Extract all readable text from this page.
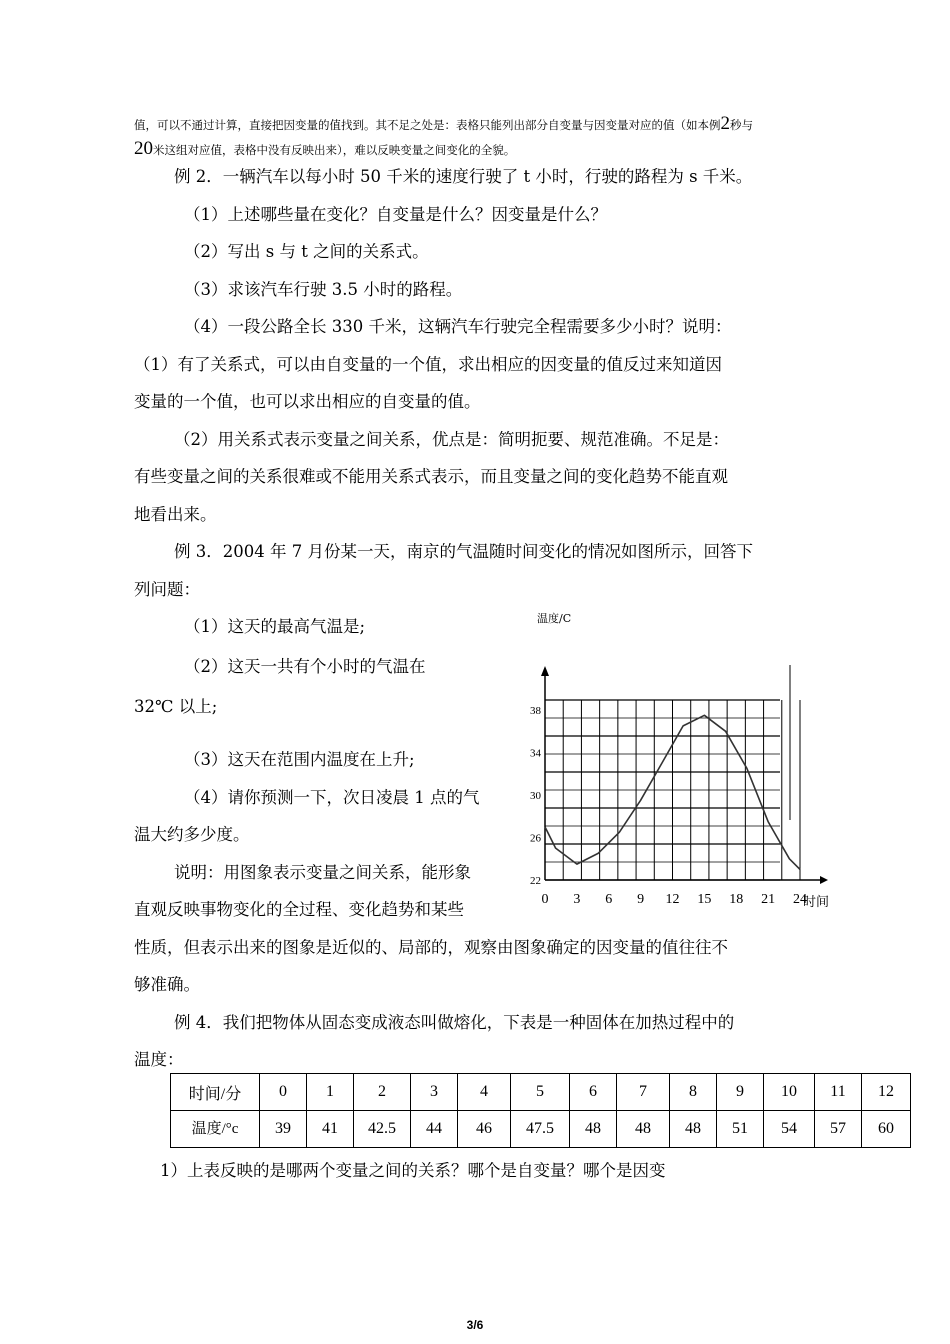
值，可以不通过计算，直接把因变量的值找到。其不足之处是：表格只能列出部分自变量与因变量对应的值（如本例2秒与
20米这组对应值，表格中没有反映出来），难以反映变量之间变化的全貌。

例 2．一辆汽车以每小时 50 千米的速度行驶了 t 小时，行驶的路程为 s 千米。

（1）上述哪些量在变化？自变量是什么？因变量是什么？

（2）写出 s 与 t 之间的关系式。

（3）求该汽车行驶 3.5 小时的路程。

（4）一段公路全长 330 千米，这辆汽车行驶完全程需要多少小时？说明：

（1）有了关系式，可以由自变量的一个值，求出相应的因变量的值反过来知道因

变量的一个值，也可以求出相应的自变量的值。

（2）用关系式表示变量之间关系，优点是：简明扼要、规范准确。不足是：

有些变量之间的关系很难或不能用关系式表示，而且变量之间的变化趋势不能直观

地看出来。

例 3．2004 年 7 月份某一天，南京的气温随时间变化的情况如图所示，回答下

列问题：

（1）这天的最高气温是;

（2）这天一共有个小时的气温在

32℃ 以上;

（3）这天在范围内温度在上升;

（4）请你预测一下，次日凌晨 1 点的气

温大约多少度。

说明：用图象表示变量之间关系，能形象

直观反映事物变化的全过程、变化趋势和某些

性质，但表示出来的图象是近似的、局部的，观察由图象确定的因变量的值往往不

够准确。

温度/C
时间
0 3 6 9 12 15 18 21 24
22
26
30
34
38

例 4．我们把物体从固态变成液态叫做熔化，下表是一种固体在加热过程中的

温度：

时间/分	0	1	2	3	4	5	6	7	8	9	10	11	12
温度/°c	39	41	42.5	44	46	47.5	48	48	48	51	54	57	60

1）上表反映的是哪两个变量之间的关系？哪个是自变量？哪个是因变

3/6
